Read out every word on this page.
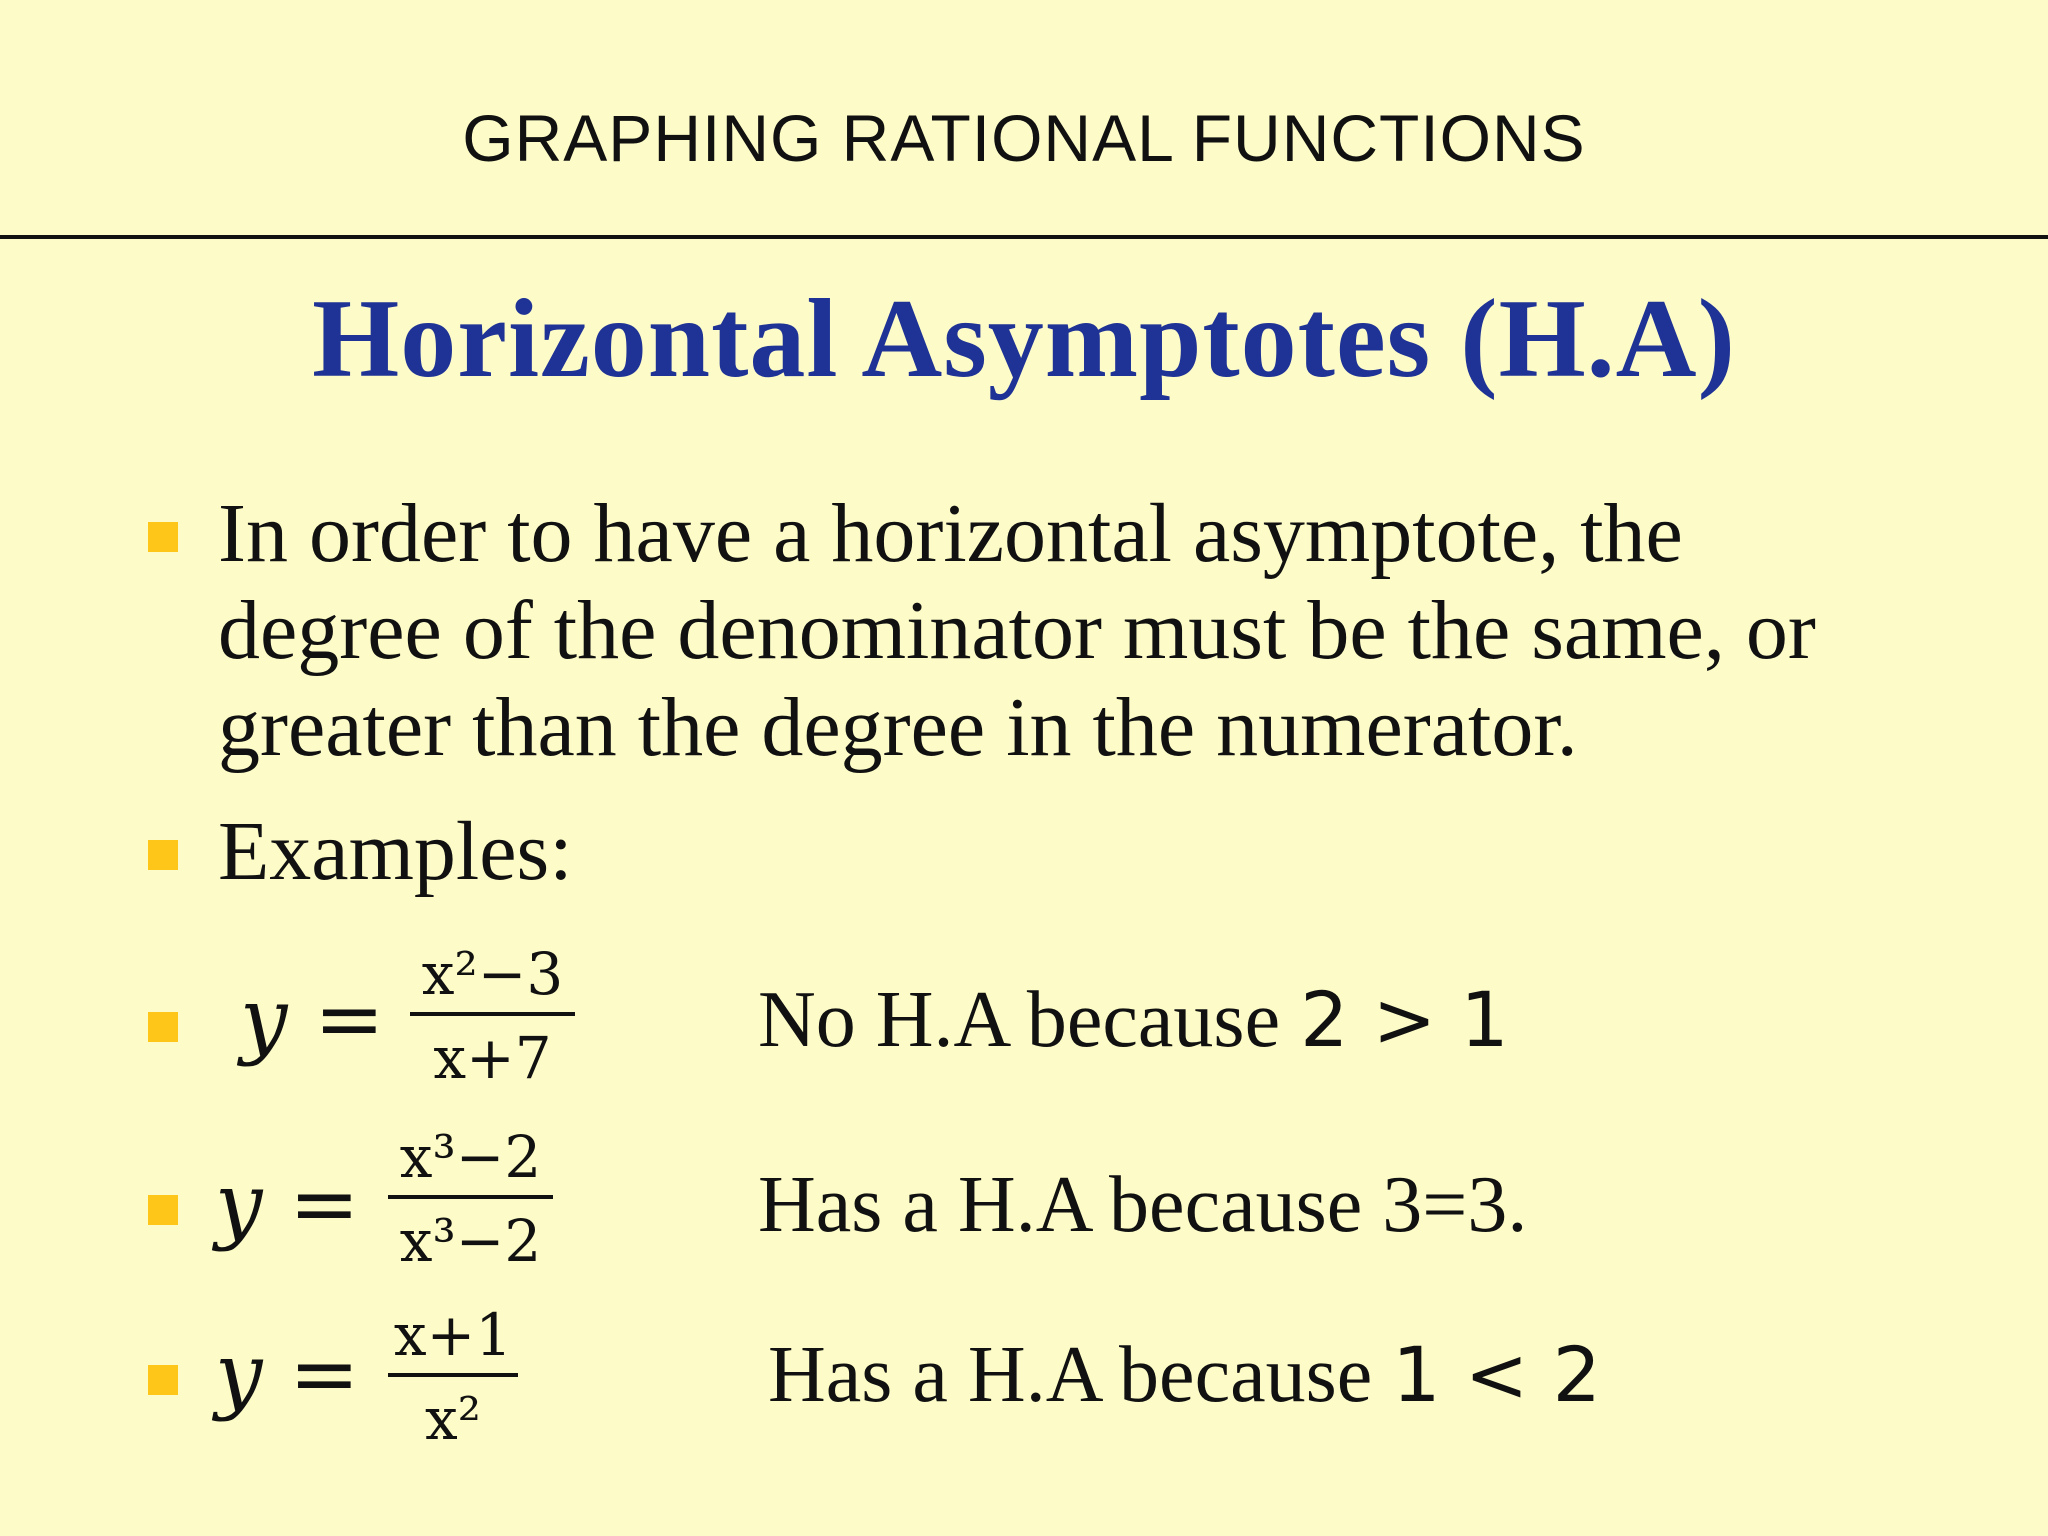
GRAPHING RATIONAL FUNCTIONS
Horizontal Asymptotes (H.A)
In order to have a horizontal asymptote, the
degree of the denominator must be the same, or
greater than the degree in the numerator.
Examples:
y = x²−3
x+7	No H.A because 2 > 1
y = x³−2
x³−2	Has a H.A because 3=3.
y = x+1
x²	Has a H.A because 1 < 2
